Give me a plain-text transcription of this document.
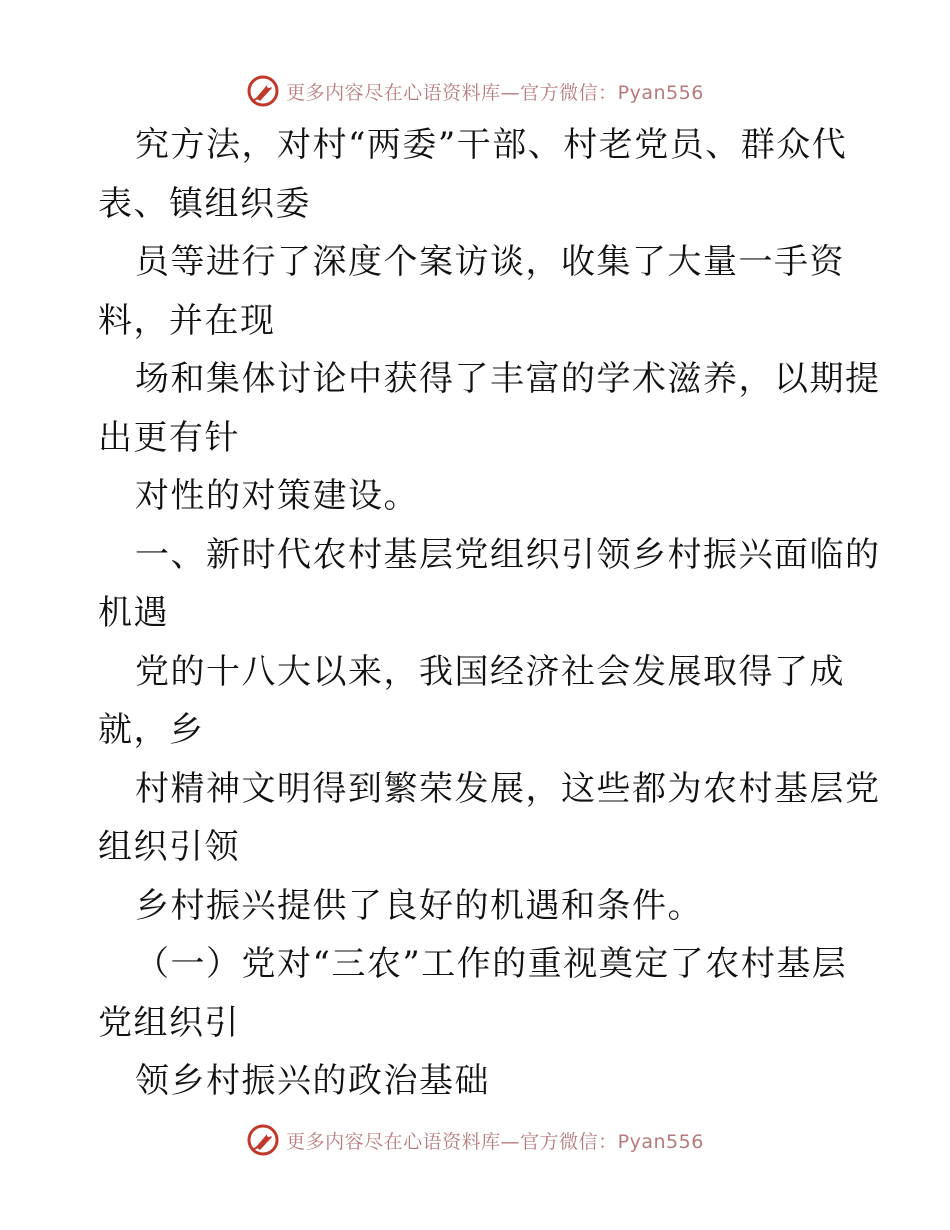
更多内容尽在心语资料库—官方微信：Pyan556
究方法，对村“两委”干部、村老党员、群众代
表、镇组织委
员等进行了深度个案访谈，收集了大量一手资
料，并在现
场和集体讨论中获得了丰富的学术滋养，以期提
出更有针
对性的对策建设。
一、新时代农村基层党组织引领乡村振兴面临的
机遇
党的十八大以来，我国经济社会发展取得了成
就，乡
村精神文明得到繁荣发展，这些都为农村基层党
组织引领
乡村振兴提供了良好的机遇和条件。
（一）党对“三农”工作的重视奠定了农村基层
党组织引
领乡村振兴的政治基础
更多内容尽在心语资料库—官方微信：Pyan556
